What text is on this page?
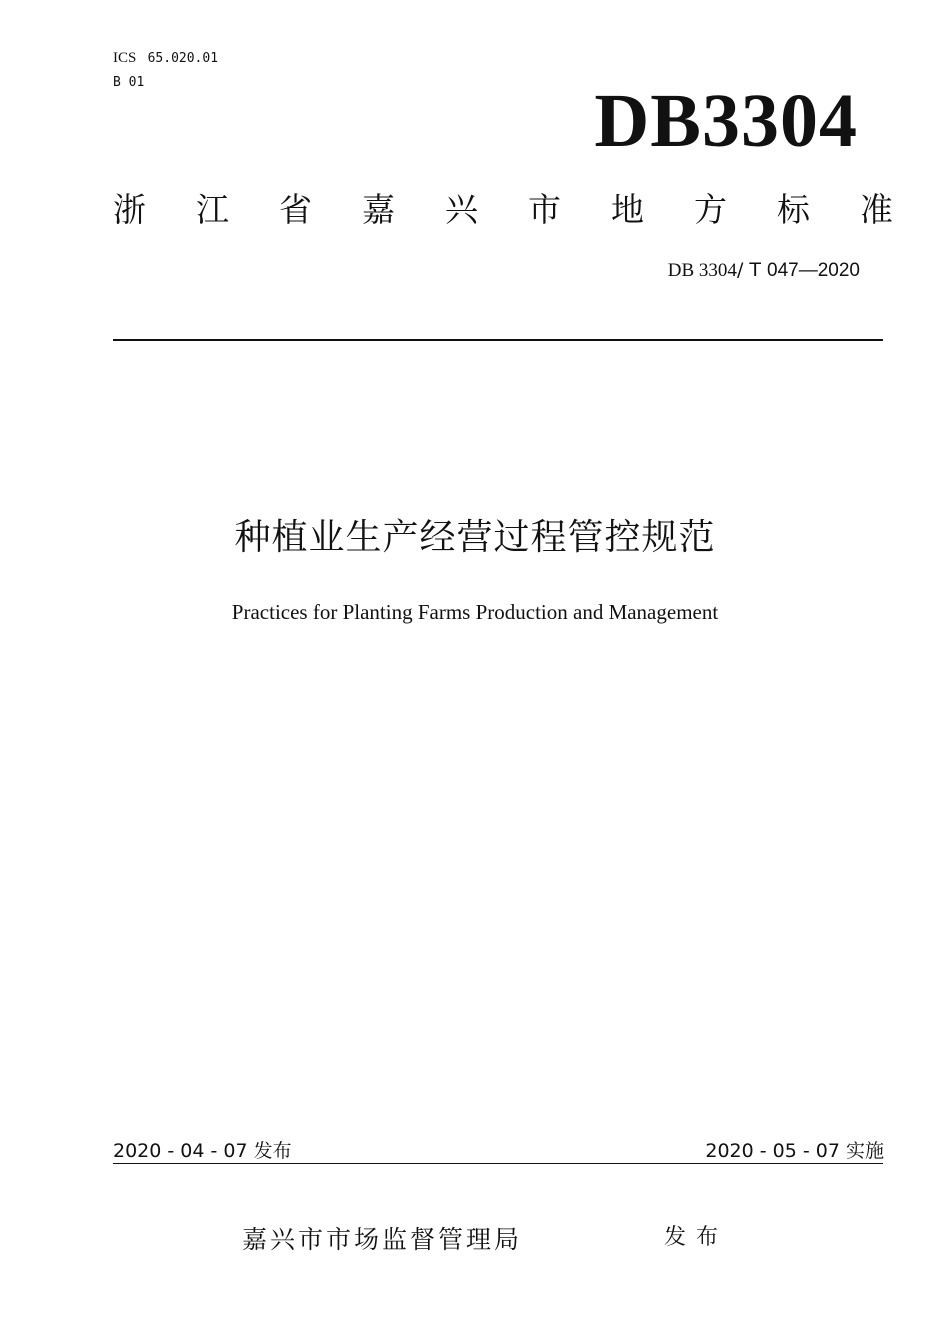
ICS 65.020.01
B 01	DB3304
浙 江 省 嘉 兴 市 地 方 标 准
DB 3304/ T 047—2020
种植业生产经营过程管控规范
Practices for Planting Farms Production and Management
2020 - 04 - 07 发布	2020 - 05 - 07 实施
嘉兴市市场监督管理局	发布
